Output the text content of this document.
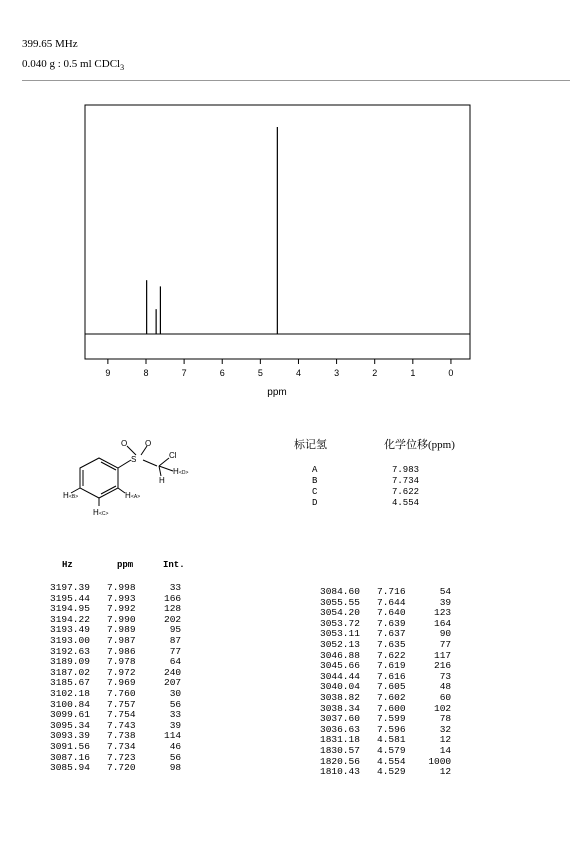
399.65 MHz
0.040 g : 0.5 ml CDCl$_3$
9	8	7	6	5	4	3	2	1	0
ppm
S
O O
Cl
H
H <D>
H <A>
H <B>
H <C>
标记氢	化学位移(ppm)
A	7.983
B	7.734
C	7.622
D	4.554
Hz	ppm	Int.
3197.39   7.998      33
3195.44   7.993     166
3194.95   7.992     128
3194.22   7.990     202
3193.49   7.989      95
3193.00   7.987      87
3192.63   7.986      77
3189.09   7.978      64
3187.02   7.972     240
3185.67   7.969     207
3102.18   7.760      30
3100.84   7.757      56
3099.61   7.754      33
3095.34   7.743      39
3093.39   7.738     114
3091.56   7.734      46
3087.16   7.723      56
3085.94   7.720      98
3084.60   7.716      54
3055.55   7.644      39
3054.20   7.640     123
3053.72   7.639     164
3053.11   7.637      90
3052.13   7.635      77
3046.88   7.622     117
3045.66   7.619     216
3044.44   7.616      73
3040.04   7.605      48
3038.82   7.602      60
3038.34   7.600     102
3037.60   7.599      78
3036.63   7.596      32
1831.18   4.581      12
1830.57   4.579      14
1820.56   4.554    1000
1810.43   4.529      12
